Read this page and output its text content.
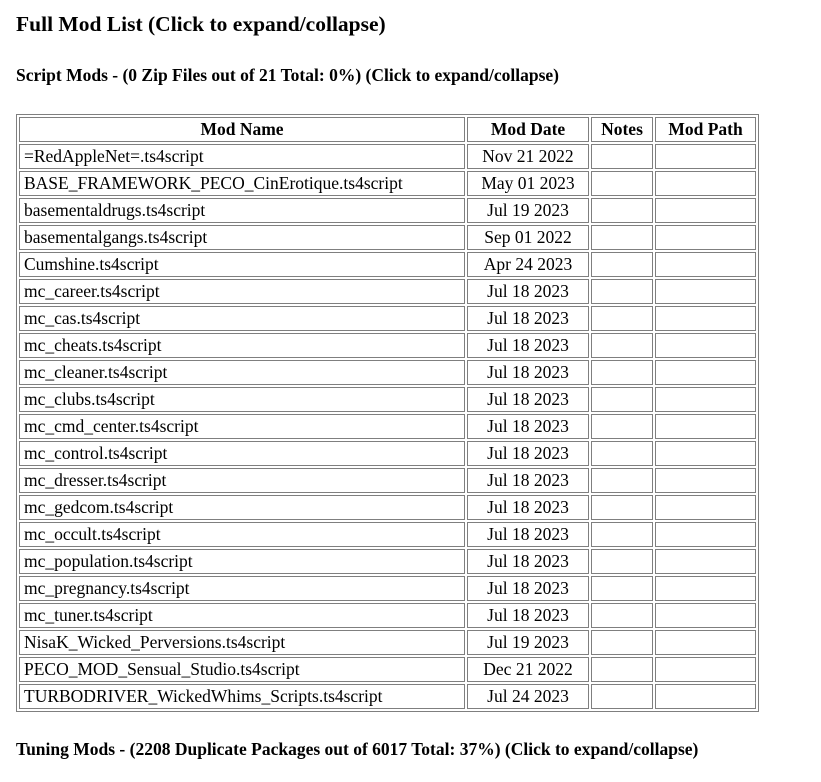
Full Mod List (Click to expand/collapse)
Script Mods - (0 Zip Files out of 21 Total: 0%) (Click to expand/collapse)
Mod Name	Mod Date	Notes	Mod Path
=RedAppleNet=.ts4script	Nov 21 2022		
BASE_FRAMEWORK_PECO_CinErotique.ts4script	May 01 2023		
basementaldrugs.ts4script	Jul 19 2023		
basementalgangs.ts4script	Sep 01 2022		
Cumshine.ts4script	Apr 24 2023		
mc_career.ts4script	Jul 18 2023		
mc_cas.ts4script	Jul 18 2023		
mc_cheats.ts4script	Jul 18 2023		
mc_cleaner.ts4script	Jul 18 2023		
mc_clubs.ts4script	Jul 18 2023		
mc_cmd_center.ts4script	Jul 18 2023		
mc_control.ts4script	Jul 18 2023		
mc_dresser.ts4script	Jul 18 2023		
mc_gedcom.ts4script	Jul 18 2023		
mc_occult.ts4script	Jul 18 2023		
mc_population.ts4script	Jul 18 2023		
mc_pregnancy.ts4script	Jul 18 2023		
mc_tuner.ts4script	Jul 18 2023		
NisaK_Wicked_Perversions.ts4script	Jul 19 2023		
PECO_MOD_Sensual_Studio.ts4script	Dec 21 2022		
TURBODRIVER_WickedWhims_Scripts.ts4script	Jul 24 2023		
Tuning Mods - (2208 Duplicate Packages out of 6017 Total: 37%) (Click to expand/collapse)
